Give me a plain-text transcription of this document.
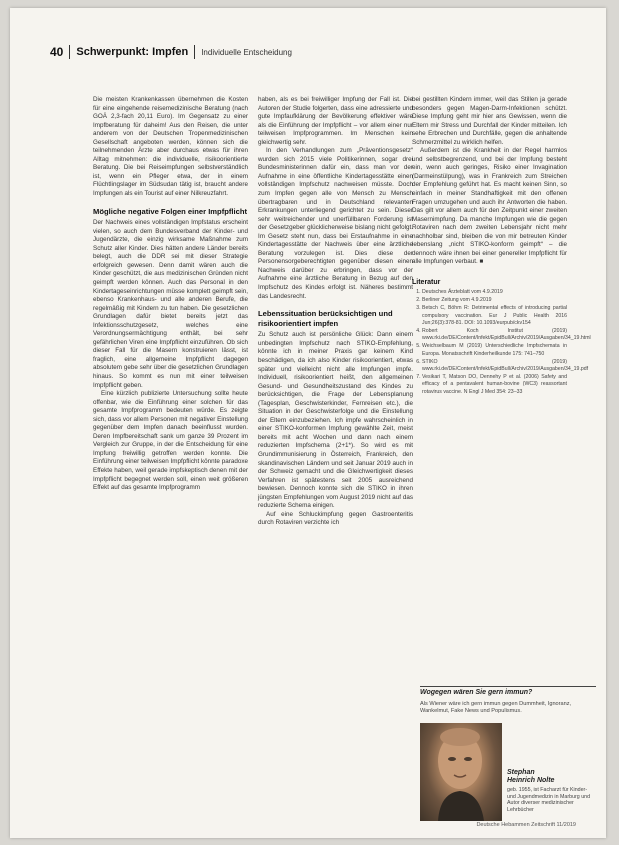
40 Schwerpunkt: Impfen Individuelle Entscheidung

Die meisten Krankenkassen übernehmen die Kosten für eine eingehende reisemedizinische Beratung (nach GOÄ 2,3-fach 20,11 Euro). Im Gegensatz zu einer Impfberatung für daheim! Aus den Reisen, die unter anderem von der Deutschen Tropenmedizinischen Gesellschaft angeboten werden, können sich die teilnehmenden Ärzte aber durchaus etwas für ihren Alltag mitnehmen: die individuelle, risikoorientierte Beratung. Die bei Reiseimpfungen selbstverständlich ist, wenn ein Pfleger etwa, der in einem Flüchtlingslager im Südsudan tätig ist, braucht andere Impfungen als ein Tourist auf einer Nilkreuzfahrt.

Mögliche negative Folgen einer Impfpflicht

Der Nachweis eines vollständigen Impfstatus erscheint vielen, so auch dem Bundesverband der Kinder- und Jugendärzte, die einzig wirksame Maßnahme zum Schutz aller Kinder. Dies hätten andere Länder bereits belegt, auch die DDR sei mit dieser Strategie erfolgreich gewesen. Denn damit wären auch die Kinder geschützt, die aus medizinischen Gründen nicht geimpft werden können. Auch das Personal in den Kindertageseinrichtungen müsse komplett geimpft sein, ebenso Krankenhaus- und alle anderen Berufe, die regelmäßig mit Kindern zu tun haben. Die gesetzlichen Grundlagen dafür bietet bereits jetzt das Infektionsschutzgesetz, welches eine Verordnungsermächtigung enthält, bei sehr gefährlichen Viren eine Impfpflicht einzuführen. Ob sich dieser Fall für die Masern konstruieren lässt, ist fraglich, eine allgemeine Impfpflicht dagegen absolutem gebe sehr über die gesetzlichen Grundlagen hinaus. So kommt es nun mit einer teilweisen Impfpflicht geben.

Eine kürzlich publizierte Untersuchung sollte heute offenbar, wie die Einführung einer solchen für das gesamte Impfprogramm bedeuten würde. Es zeigte sich, dass vor allem Personen mit negativer Einstellung gegenüber dem Impfen danach beeinflusst wurden. Deren Impfbereitschaft sank um ganze 39 Prozent im Vergleich zur Gruppe, in der die Entscheidung für eine Impfung freiwillig getroffen werden konnte. Die Einführung einer teilweisen Impfpflicht könnte paradoxe Effekte haben, weil gerade impfskeptisch denen mit der Impfpflicht begegnet werden soll, einen weit größeren Effekt auf das gesamte Impfprogramm

haben, als es bei freiwilliger Impfung der Fall ist. Die Autoren der Studie folgerten, dass eine adressierte und gute Impfaufklärung der Bevölkerung effektiver wäre als die Einführung der Impfpflicht – vor allem einer nur teilweisen Impfprogrammen. Im Menschen kein gleichwertig sehr.

In den Verhandlungen zum „Präventionsgesetz“ wurden sich 2015 viele Politikerinnen, sogar drei Bundesministerinnen dafür ein, dass man vor der Aufnahme in eine öffentliche Kindertagesstätte einen vollständigen Impfschutz nachweisen müsste. Doch zum Impfen gegen alle von Mensch zu Mensch übertragbaren und in Deutschland relevanten Erkrankungen unterliegend gerichtet zu sein. Dieser sehr weitreichender und unerfüllbaren Forderung ist der Gesetzgeber glücklicherweise bislang nicht gefolgt. Im Gesetz steht nun, dass bei Erstaufnahme in eine Kindertagesstätte der Nachweis über eine ärztliche Beratung vorzulegen ist. Dies diese der Personensorgeberechtigten gegenüber diesen einen Nachweis darüber zu erbringen, dass vor der Aufnahme eine ärztliche Beratung in Bezug auf den Impfschutz des Kindes erfolgt ist. Näheres bestimmt das Landesrecht.

Lebenssituation berücksichtigen und risikoorientiert impfen

Zu Schutz auch ist persönliche Glück: Dann einem unbedingten Impfschutz nach STIKO-Empfehlung, könnte ich in meiner Praxis gar keinem Kind beschädigen, da ich also Kinder risikoorientiert, etwas später und vielleicht nicht alle Impfungen impfe. Individuell, risikoorientiert heißt, den allgemeinen Gesund- und Gesundheitszustand des Kindes zu berücksichtigen, die Frage der Lebensplanung (Tagesplan, Geschwisterkinder, Fernreisen etc.), die Situation in der Geschwisterfolge und die Einstellung der Eltern einzubeziehen. Ich impfe wahrscheinlich in einer STIKO-konformen Impfung gewählte Zeit, meist bereits mit acht Wochen und dann nach einem reduzierten Impfschema (2+1*). So wird es mit Grundimmunisierung in Österreich, Frankreich, den skandinavischen Ländern und seit Januar 2019 auch in der Schweiz gemacht und die Gleichwertigkeit dieses Verfahren ist spätestens seit 2005 ausreichend bewiesen. Dennoch konnte sich die STIKO in ihren jüngsten Empfehlungen vom August 2019 nicht auf das reduzierte Schema einigen.

Auf eine Schluckimpfung gegen Gastroenteritis durch Rotaviren verzichte ich

bei gestillten Kindern immer, weil das Stillen ja gerade besonders gegen Magen-Darm-Infektionen schützt. Diese Impfung geht mir hier ans Gewissen, wenn die Eltern mir Stress und Durchfall der Kinder mitteilen. Ich sehe Erbrechen und Durchfälle, gegen die anhaltende Schmerzmittel zu wirklich helfen.

Außerdem ist die Krankheit in der Regel harmlos und selbstbegrenzend, und bei der Impfung besteht ein, wenn auch geringes, Risiko einer Invagination (Darmeinstülpung), was in Frankreich zum Streichen der Empfehlung geführt hat. Es macht keinen Sinn, so einfach in meiner Standhaftigkeit mit den offenen Fragen umzugehen und auch ihr Antworten die haben. Das gilt vor allem auch für den Zeitpunkt einer zweiten Masernimpfung. Da manche Impfungen wie die gegen Rotaviren nach dem zweiten Lebensjahr nicht mehr nachholbar sind, bleiben die von mir betreuten Kinder lebenslang „nicht STIKO-konform geimpft“ – die dennoch wäre ihnen bei einer genereller Impfpflicht für alle Impfungen verbaut. ■

Literatur
1. Deutsches Ärzteblatt vom 4.9.2019
2. Berliner Zeitung vom 4.9.2019
3. Betsch C, Böhm R: Detrimental effects of introducing partial compulsory vaccination. Eur J Public Health 2016 Jun;26(3):378-81. DOI: 10.1093/eurpub/ckv154
4. Robert Koch Institut (2019) www.rki.de/DE/Content/Infekt/EpidBull/Archiv/2019/Ausgaben/34_19.html
5. Weichselbaum M (2019) Unterschiedliche Impfschemata in Europa. Monatsschrift Kinderheilkunde 175: 741–750
6. STIKO (2019) www.rki.de/DE/Content/Infekt/EpidBull/Archiv/2019/Ausgaben/34_19.pdf
7. Vesikari T, Matson DO, Dennehy P et al. (2006) Safety and efficacy of a pentavalent human-bovine (WC3) reassortant rotavirus vaccine. N Engl J Med 354: 23–33
Wogegen wären Sie gern immun?
Als Wiener wäre ich gern immun gegen Dummheit, Ignoranz, Wankelmut, Fake News und Populismus.
Stephan
Heinrich Nolte
geb. 1955, ist Facharzt für Kinder- und Jugendmedizin in Marburg und Autor diverser medizinischer Lehrbücher
Deutsche Hebammen Zeitschrift 11/2019
